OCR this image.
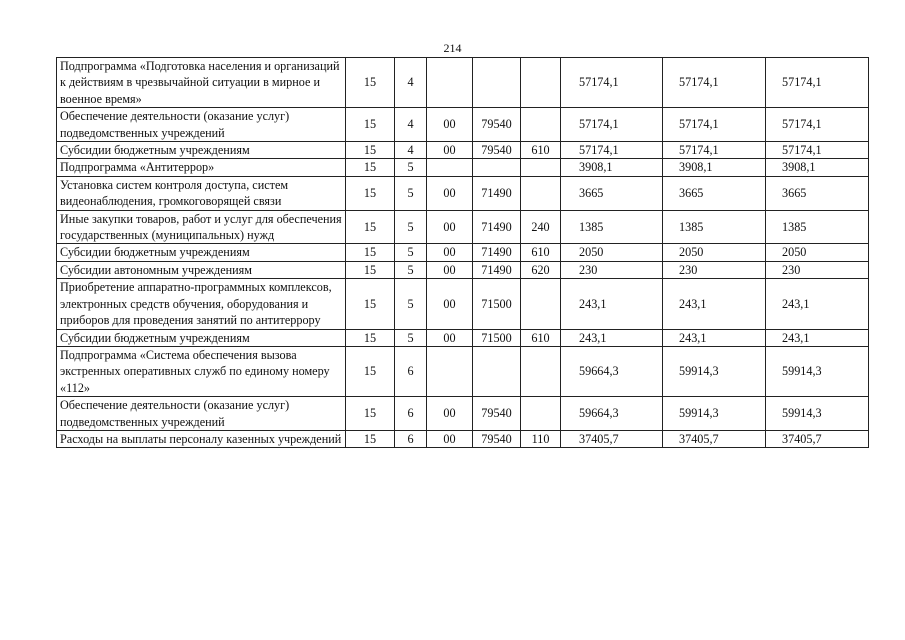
214
Подпрограмма «Подготовка населения и организаций к действиям в чрезвычайной ситуации в мирное и военное время»	15	4				57174,1	57174,1	57174,1
Обеспечение деятельности (оказание услуг) подведомственных учреждений	15	4	00	79540		57174,1	57174,1	57174,1
Субсидии бюджетным учреждениям	15	4	00	79540	610	57174,1	57174,1	57174,1
Подпрограмма «Антитеррор»	15	5				3908,1	3908,1	3908,1
Установка систем контроля доступа, систем видеонаблюдения, громкоговорящей связи	15	5	00	71490		3665	3665	3665
Иные закупки товаров, работ и услуг для обеспечения государственных (муниципальных) нужд	15	5	00	71490	240	1385	1385	1385
Субсидии бюджетным учреждениям	15	5	00	71490	610	2050	2050	2050
Субсидии автономным учреждениям	15	5	00	71490	620	230	230	230
Приобретение аппаратно-программных комплексов, электронных средств обучения, оборудования и приборов для проведения занятий по антитеррору	15	5	00	71500		243,1	243,1	243,1
Субсидии бюджетным учреждениям	15	5	00	71500	610	243,1	243,1	243,1
Подпрограмма «Система обеспечения вызова экстренных оперативных служб по единому номеру «112»	15	6				59664,3	59914,3	59914,3
Обеспечение деятельности (оказание услуг) подведомственных учреждений	15	6	00	79540		59664,3	59914,3	59914,3
Расходы на выплаты персоналу казенных учреждений	15	6	00	79540	110	37405,7	37405,7	37405,7
